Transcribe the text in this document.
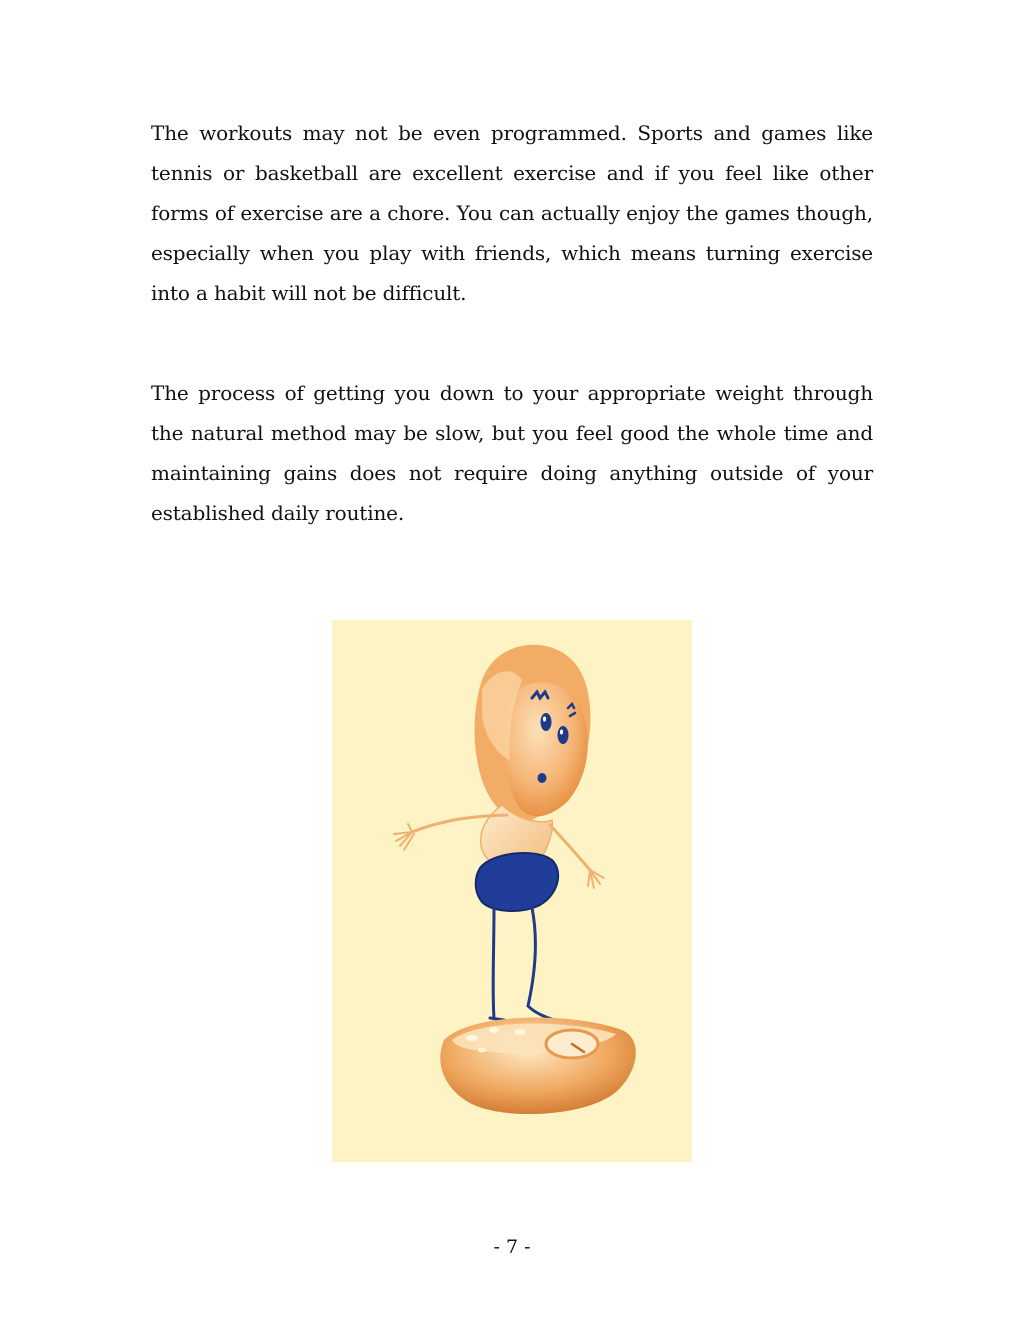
The workouts may not be even programmed. Sports and games like tennis or basketball are excellent exercise and if you feel like other forms of exercise are a chore. You can actually enjoy the games though, especially when you play with friends, which means turning exercise into a habit will not be difficult.

The process of getting you down to your appropriate weight through the natural method may be slow, but you feel good the whole time and maintaining gains does not require doing anything outside of your established daily routine.

- 7 -
